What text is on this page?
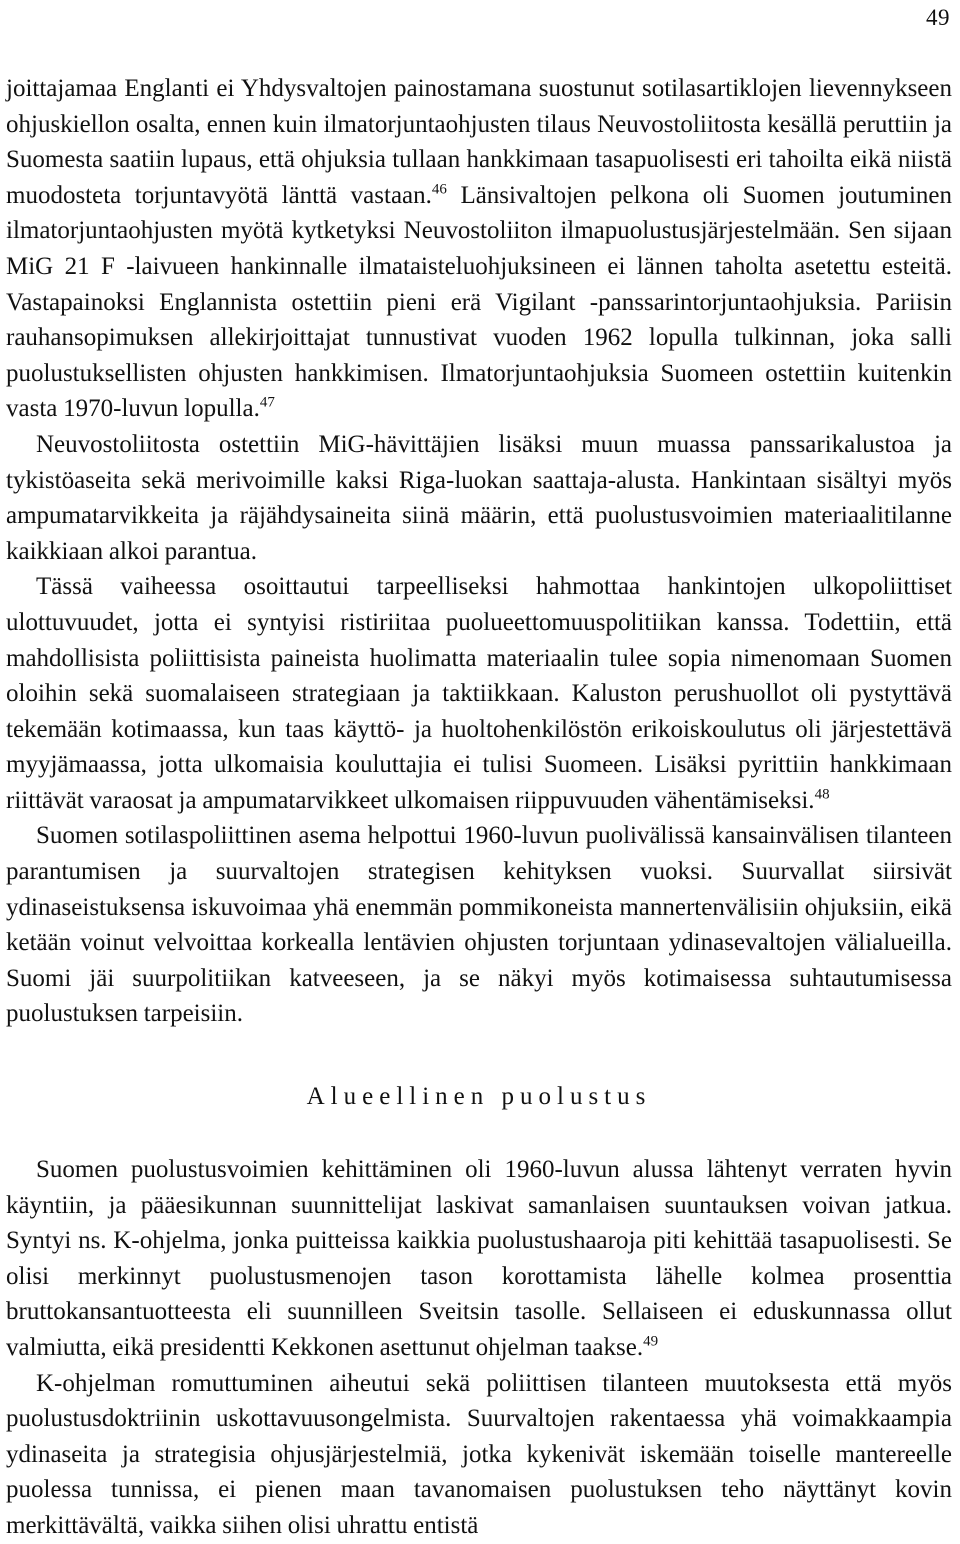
49

joittajamaa Englanti ei Yhdysvaltojen painostamana suostunut sotilasartiklojen lievennykseen ohjuskiellon osalta, ennen kuin ilmatorjuntaohjusten tilaus Neuvostoliitosta kesällä peruttiin ja Suomesta saatiin lupaus, että ohjuksia tullaan hankkimaan tasapuolisesti eri tahoilta eikä niistä muodosteta torjuntavyötä länttä vastaan.$^{46}$ Länsivaltojen pelkona oli Suomen joutuminen ilmatorjuntaohjusten myötä kytketyksi Neuvostoliiton ilmapuolustusjärjestelmään. Sen sijaan MiG 21 F -laivueen hankinnalle ilmataisteluohjuksineen ei lännen taholta asetettu esteitä. Vastapainoksi Englannista ostettiin pieni erä Vigilant -panssarintorjuntaohjuksia. Pariisin rauhansopimuksen allekirjoittajat tunnustivat vuoden 1962 lopulla tulkinnan, joka salli puolustuksellisten ohjusten hankkimisen. Ilmatorjuntaohjuksia Suomeen ostettiin kuitenkin vasta 1970-luvun lopulla.$^{47}$

Neuvostoliitosta ostettiin MiG-hävittäjien lisäksi muun muassa panssarikalustoa ja tykistöaseita sekä merivoimille kaksi Riga-luokan saattaja-alusta. Hankintaan sisältyi myös ampumatarvikkeita ja räjähdysaineita siinä määrin, että puolustusvoimien materiaalitilanne kaikkiaan alkoi parantua.

Tässä vaiheessa osoittautui tarpeelliseksi hahmottaa hankintojen ulkopoliittiset ulottuvuudet, jotta ei syntyisi ristiriitaa puolueettomuuspolitiikan kanssa. Todettiin, että mahdollisista poliittisista paineista huolimatta materiaalin tulee sopia nimenomaan Suomen oloihin sekä suomalaiseen strategiaan ja taktiikkaan. Kaluston perushuollot oli pystyttävä tekemään kotimaassa, kun taas käyttö- ja huoltohenkilöstön erikoiskoulutus oli järjestettävä myyjämaassa, jotta ulkomaisia kouluttajia ei tulisi Suomeen. Lisäksi pyrittiin hankkimaan riittävät varaosat ja ampumatarvikkeet ulkomaisen riippuvuuden vähentämiseksi.$^{48}$

Suomen sotilaspoliittinen asema helpottui 1960-luvun puolivälissä kansainvälisen tilanteen parantumisen ja suurvaltojen strategisen kehityksen vuoksi. Suurvallat siirsivät ydinaseistuksensa iskuvoimaa yhä enemmän pommikoneista mannertenvälisiin ohjuksiin, eikä ketään voinut velvoittaa korkealla lentävien ohjusten torjuntaan ydinasevaltojen välialueilla. Suomi jäi suurpolitiikan katveeseen, ja se näkyi myös kotimaisessa suhtautumisessa puolustuksen tarpeisiin.

Alueellinen puolustus

Suomen puolustusvoimien kehittäminen oli 1960-luvun alussa lähtenyt verraten hyvin käyntiin, ja pääesikunnan suunnittelijat laskivat samanlaisen suuntauksen voivan jatkua. Syntyi ns. K-ohjelma, jonka puitteissa kaikkia puolustushaaroja piti kehittää tasapuolisesti. Se olisi merkinnyt puolustusmenojen tason korottamista lähelle kolmea prosenttia bruttokansantuotteesta eli suunnilleen Sveitsin tasolle. Sellaiseen ei eduskunnassa ollut valmiutta, eikä presidentti Kekkonen asettunut ohjelman taakse.$^{49}$

K-ohjelman romuttuminen aiheutui sekä poliittisen tilanteen muutoksesta että myös puolustusdoktriinin uskottavuusongelmista. Suurvaltojen rakentaessa yhä voimakkaampia ydinaseita ja strategisia ohjusjärjestelmiä, jotka kykenivät iskemään toiselle mantereelle puolessa tunnissa, ei pienen maan tavanomaisen puolustuksen teho näyttänyt kovin merkittävältä, vaikka siihen olisi uhrattu entistä
